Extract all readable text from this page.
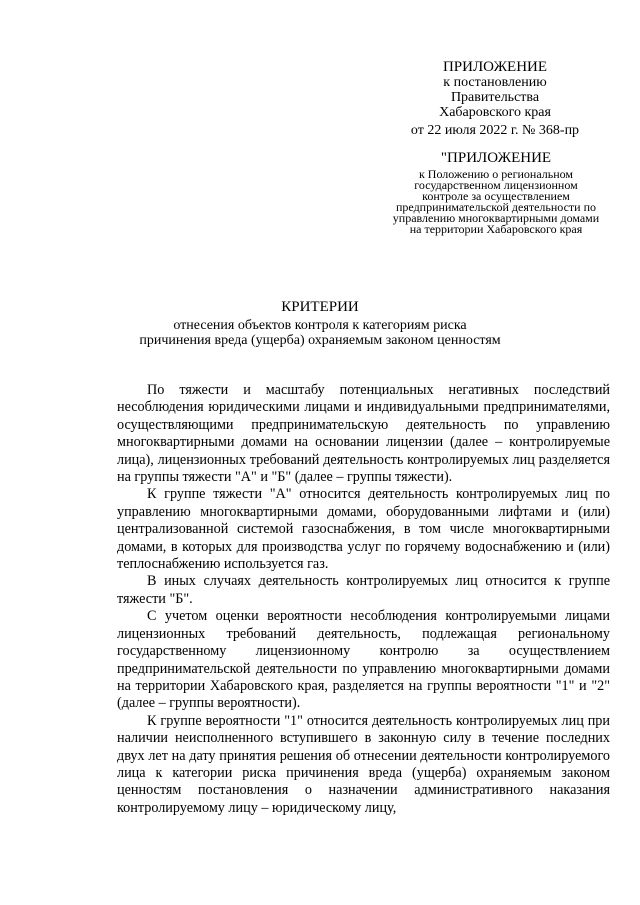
ПРИЛОЖЕНИЕ
к постановлению
Правительства
Хабаровского края
от 22 июля 2022 г. № 368-пр
"ПРИЛОЖЕНИЕ
к Положению о региональном
государственном лицензионном
контроле за осуществлением
предпринимательской деятельности по
управлению многоквартирными домами
на территории Хабаровского края
КРИТЕРИИ
отнесения объектов контроля к категориям риска
причинения вреда (ущерба) охраняемым законом ценностям

По тяжести и масштабу потенциальных негативных последствий несоблюдения юридическими лицами и индивидуальными предпринимателями, осуществляющими предпринимательскую деятельность по управлению многоквартирными домами на основании лицензии (далее – контролируемые лица), лицензионных требований деятельность контролируемых лиц разделяется на группы тяжести "А" и "Б" (далее – группы тяжести).

К группе тяжести "А" относится деятельность контролируемых лиц по управлению многоквартирными домами, оборудованными лифтами и (или) централизованной системой газоснабжения, в том числе многоквартирными домами, в которых для производства услуг по горячему водоснабжению и (или) теплоснабжению используется газ.

В иных случаях деятельность контролируемых лиц относится к группе тяжести "Б".

С учетом оценки вероятности несоблюдения контролируемыми лицами лицензионных требований деятельность, подлежащая региональному государственному лицензионному контролю за осуществлением предпринимательской деятельности по управлению многоквартирными домами на территории Хабаровского края, разделяется на группы вероятности "1" и "2" (далее – группы вероятности).

К группе вероятности "1" относится деятельность контролируемых лиц при наличии неисполненного вступившего в законную силу в течение последних двух лет на дату принятия решения об отнесении деятельности контролируемого лица к категории риска причинения вреда (ущерба) охраняемым законом ценностям постановления о назначении административного наказания контролируемому лицу – юридическому лицу,
